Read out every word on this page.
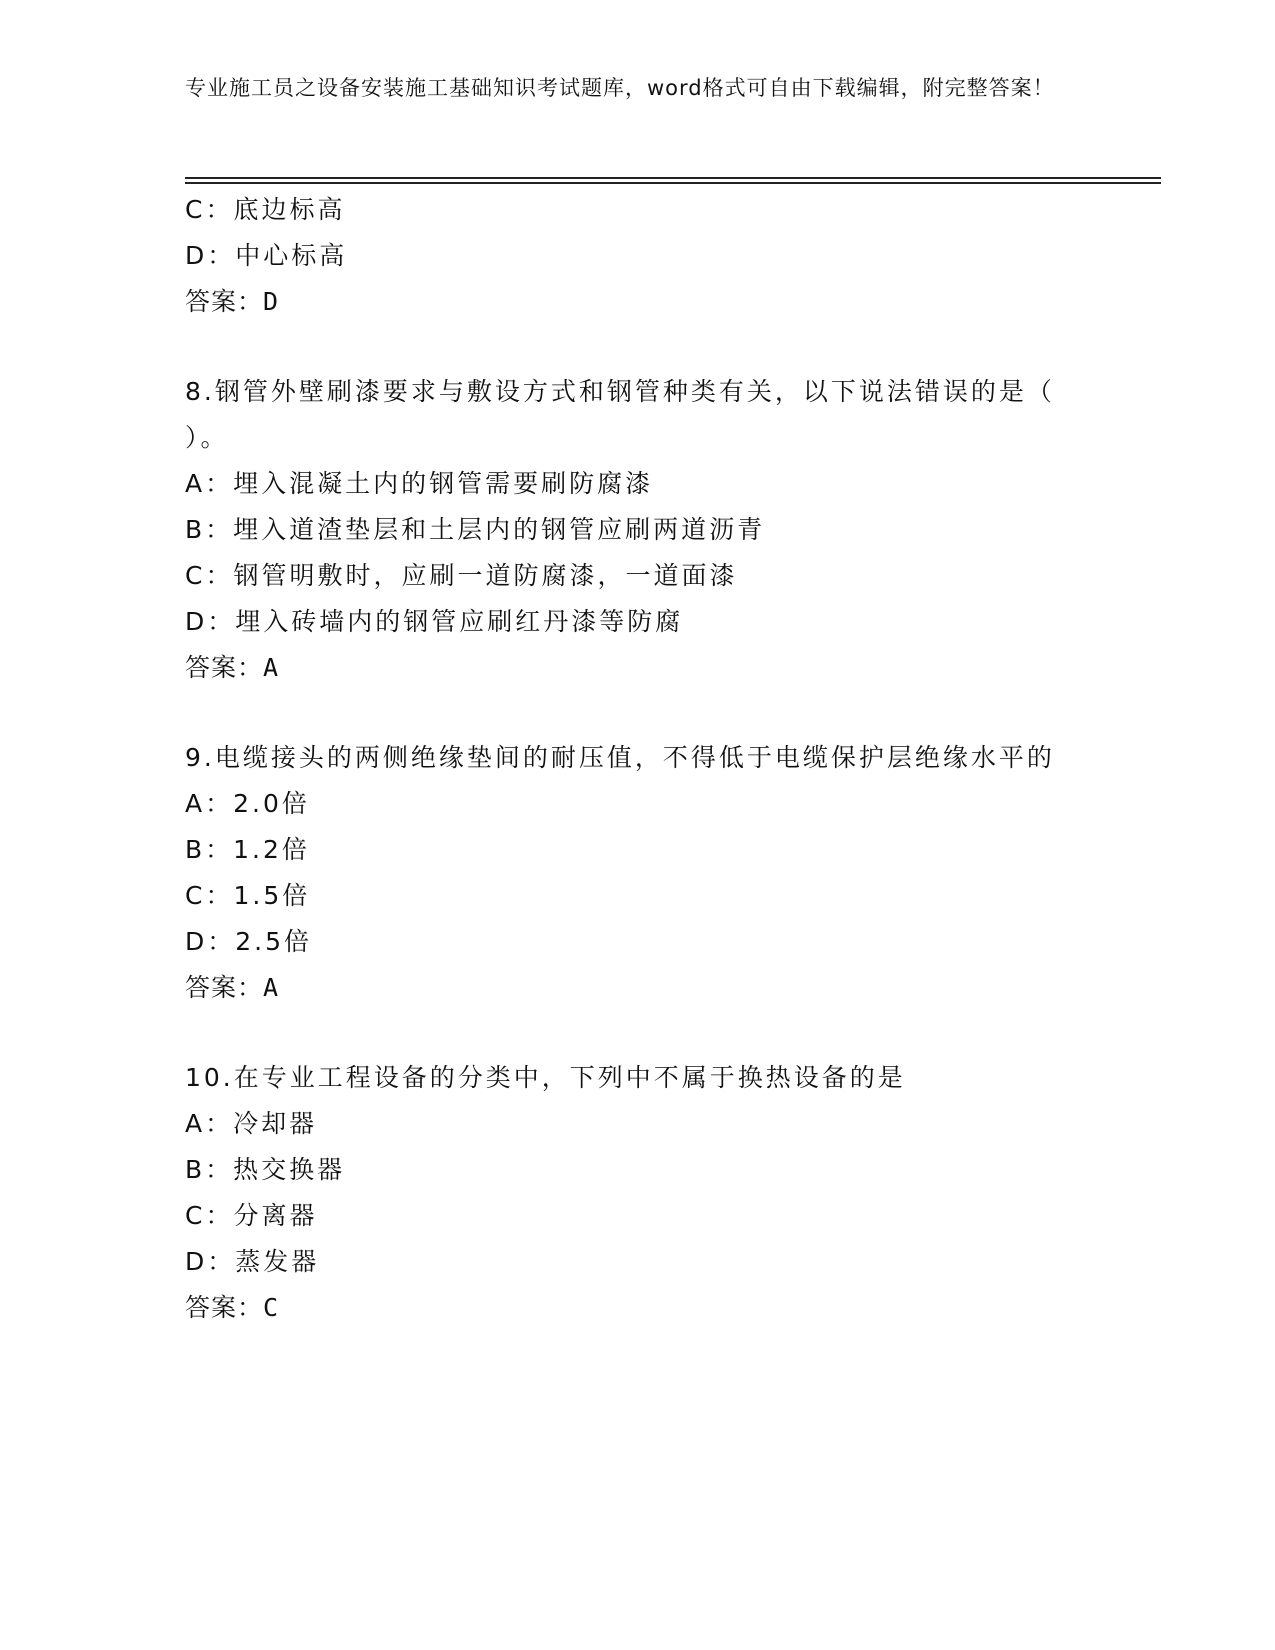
专业施工员之设备安装施工基础知识考试题库，word格式可自由下载编辑，附完整答案！
C：底边标高
D：中心标高
答案：D
8.钢管外壁刷漆要求与敷设方式和钢管种类有关，以下说法错误的是（ ）。
A：埋入混凝土内的钢管需要刷防腐漆
B：埋入道渣垫层和土层内的钢管应刷两道沥青
C：钢管明敷时，应刷一道防腐漆，一道面漆
D：埋入砖墙内的钢管应刷红丹漆等防腐
答案：A
9.电缆接头的两侧绝缘垫间的耐压值，不得低于电缆保护层绝缘水平的
A：2.0倍
B：1.2倍
C：1.5倍
D：2.5倍
答案：A
10.在专业工程设备的分类中，下列中不属于换热设备的是
A：冷却器
B：热交换器
C：分离器
D：蒸发器
答案：C
